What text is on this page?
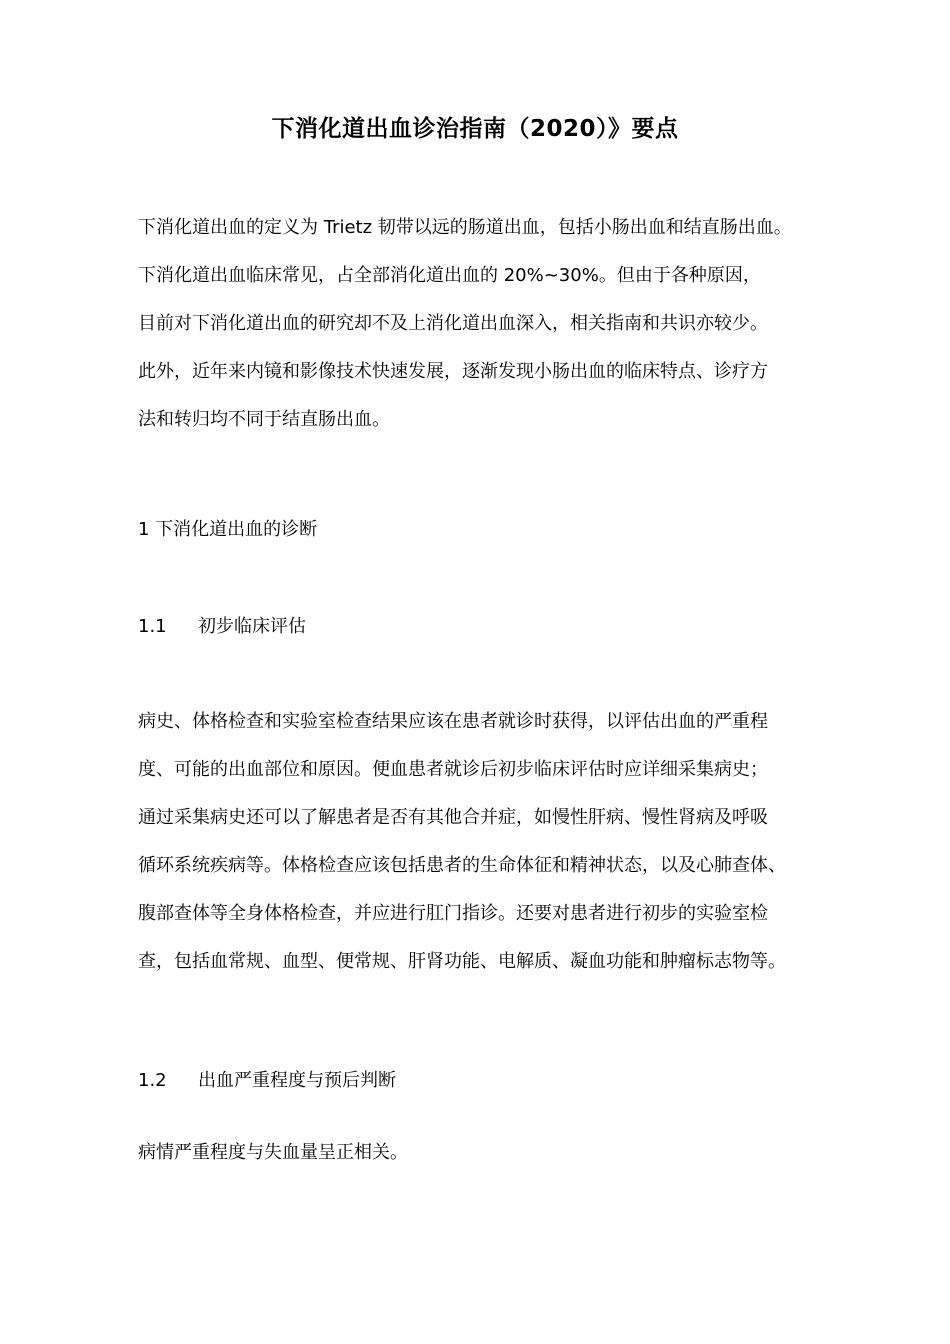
下消化道出血诊治指南（2020）》要点
下消化道出血的定义为 Trietz 韧带以远的肠道出血，包括小肠出血和结直肠出血。
下消化道出血临床常见，占全部消化道出血的 20%~30%。但由于各种原因，
目前对下消化道出血的研究却不及上消化道出血深入，相关指南和共识亦较少。
此外，近年来内镜和影像技术快速发展，逐渐发现小肠出血的临床特点、诊疗方
法和转归均不同于结直肠出血。
1 下消化道出血的诊断
1.1 初步临床评估
病史、体格检查和实验室检查结果应该在患者就诊时获得，以评估出血的严重程
度、可能的出血部位和原因。便血患者就诊后初步临床评估时应详细采集病史；
通过采集病史还可以了解患者是否有其他合并症，如慢性肝病、慢性肾病及呼吸
循环系统疾病等。体格检查应该包括患者的生命体征和精神状态，以及心肺查体、
腹部查体等全身体格检查，并应进行肛门指诊。还要对患者进行初步的实验室检
查，包括血常规、血型、便常规、肝肾功能、电解质、凝血功能和肿瘤标志物等。
1.2 出血严重程度与预后判断
病情严重程度与失血量呈正相关。
